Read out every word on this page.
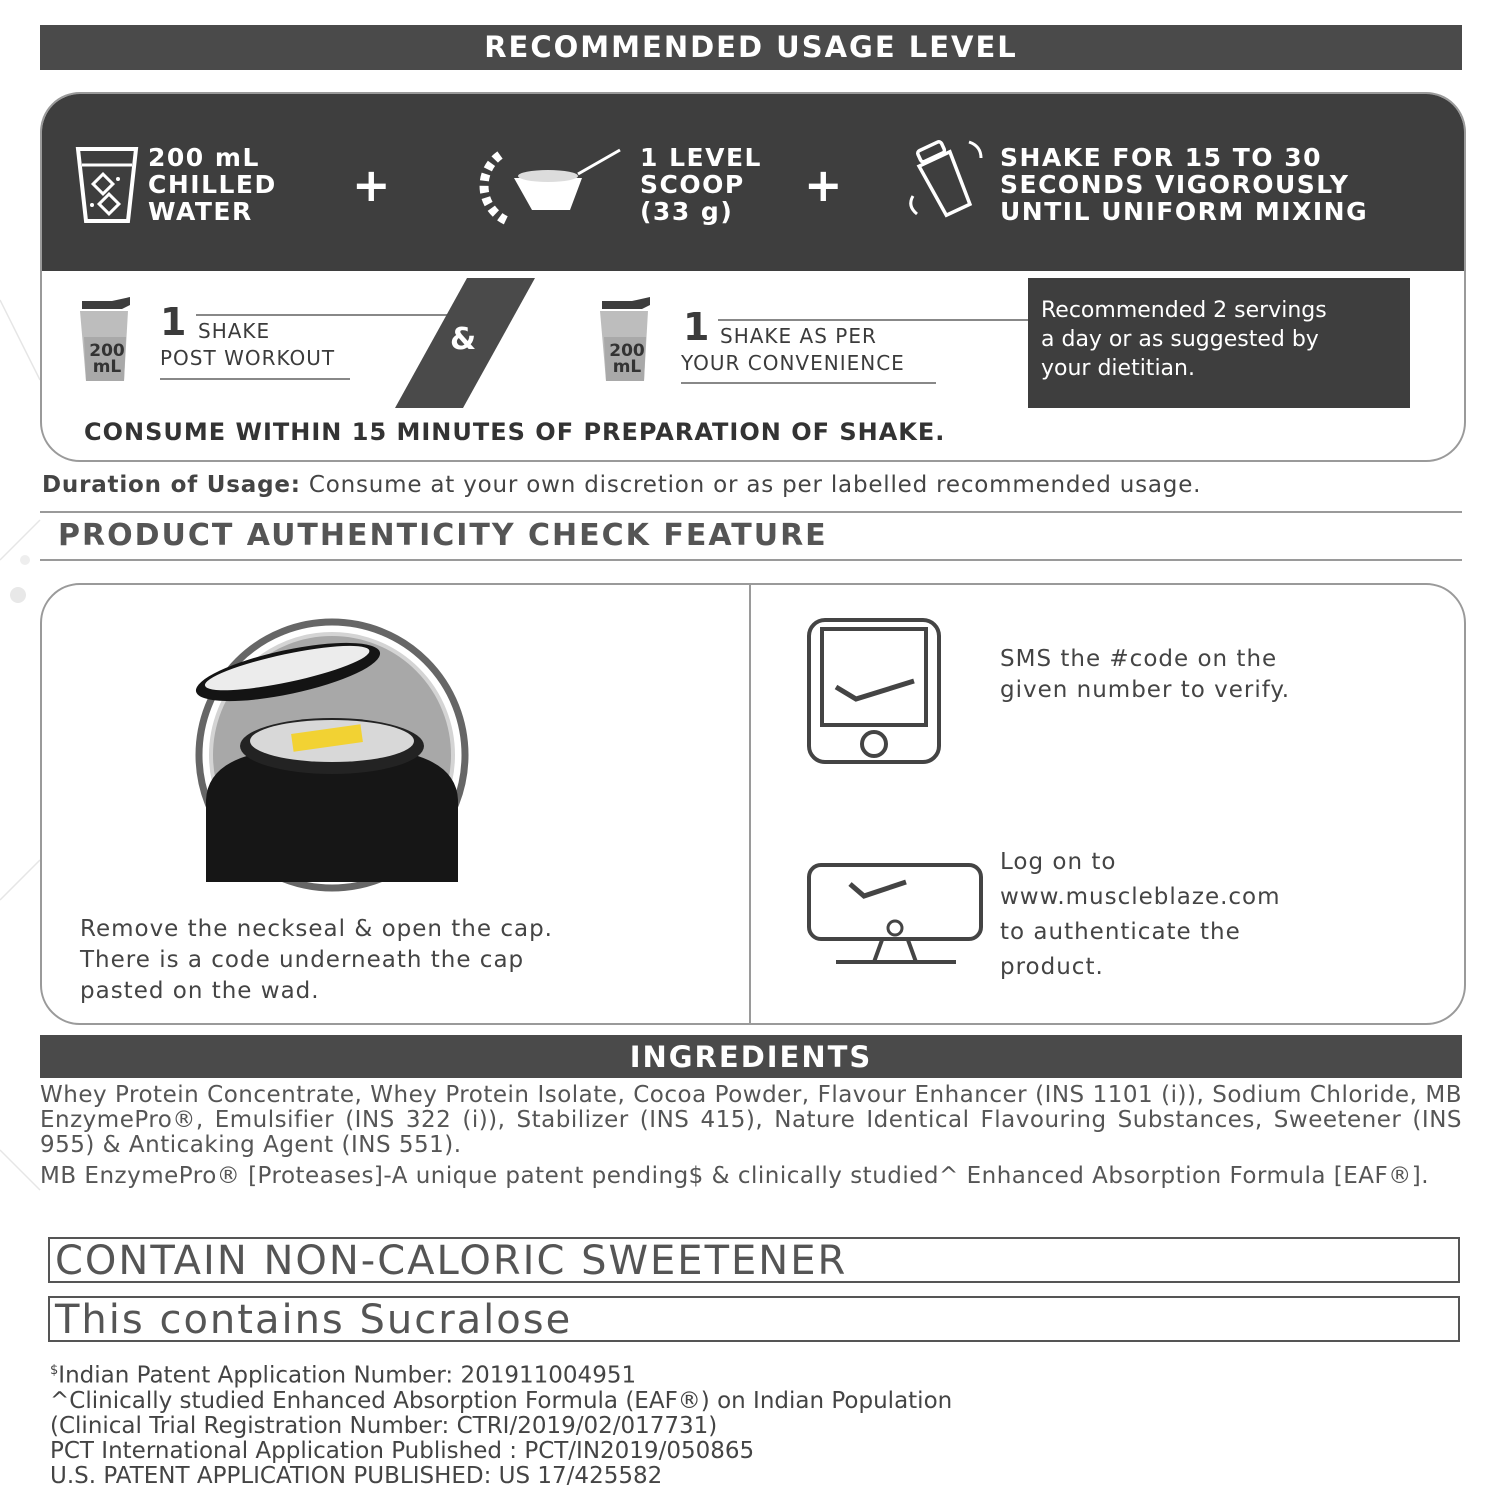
RECOMMENDED USAGE LEVEL
200 mL
CHILLED
WATER	+
1 LEVEL
SCOOP
(33 g)	+
SHAKE FOR 15 TO 30
SECONDS VIGOROUSLY
UNTIL UNIFORM MIXING
200
mL
1 SHAKE
POST WORKOUT
&	200
mL
1 SHAKE AS PER
YOUR CONVENIENCE
Recommended 2 servings
a day or as suggested by
your dietitian.
CONSUME WITHIN 15 MINUTES OF PREPARATION OF SHAKE.
Duration of Usage: Consume at your own discretion or as per labelled recommended usage.
PRODUCT AUTHENTICITY CHECK FEATURE
Remove the neckseal & open the cap.
There is a code underneath the cap
pasted on the wad.
SMS the #code on the
given number to verify.
Log on to
www.muscleblaze.com
to authenticate the
product.
INGREDIENTS
Whey Protein Concentrate, Whey Protein Isolate, Cocoa Powder, Flavour Enhancer (INS 1101 (i)), Sodium Chloride, MB EnzymePro®, Emulsifier (INS 322 (i)), Stabilizer (INS 415), Nature Identical Flavouring Substances, Sweetener (INS 955) & Anticaking Agent (INS 551).
MB EnzymePro® [Proteases]-A unique patent pending$ & clinically studied^ Enhanced Absorption Formula [EAF®].
CONTAIN NON-CALORIC SWEETENER
This contains Sucralose
$Indian Patent Application Number: 201911004951
^Clinically studied Enhanced Absorption Formula (EAF®) on Indian Population
(Clinical Trial Registration Number: CTRI/2019/02/017731)
PCT International Application Published : PCT/IN2019/050865
U.S. PATENT APPLICATION PUBLISHED: US 17/425582
